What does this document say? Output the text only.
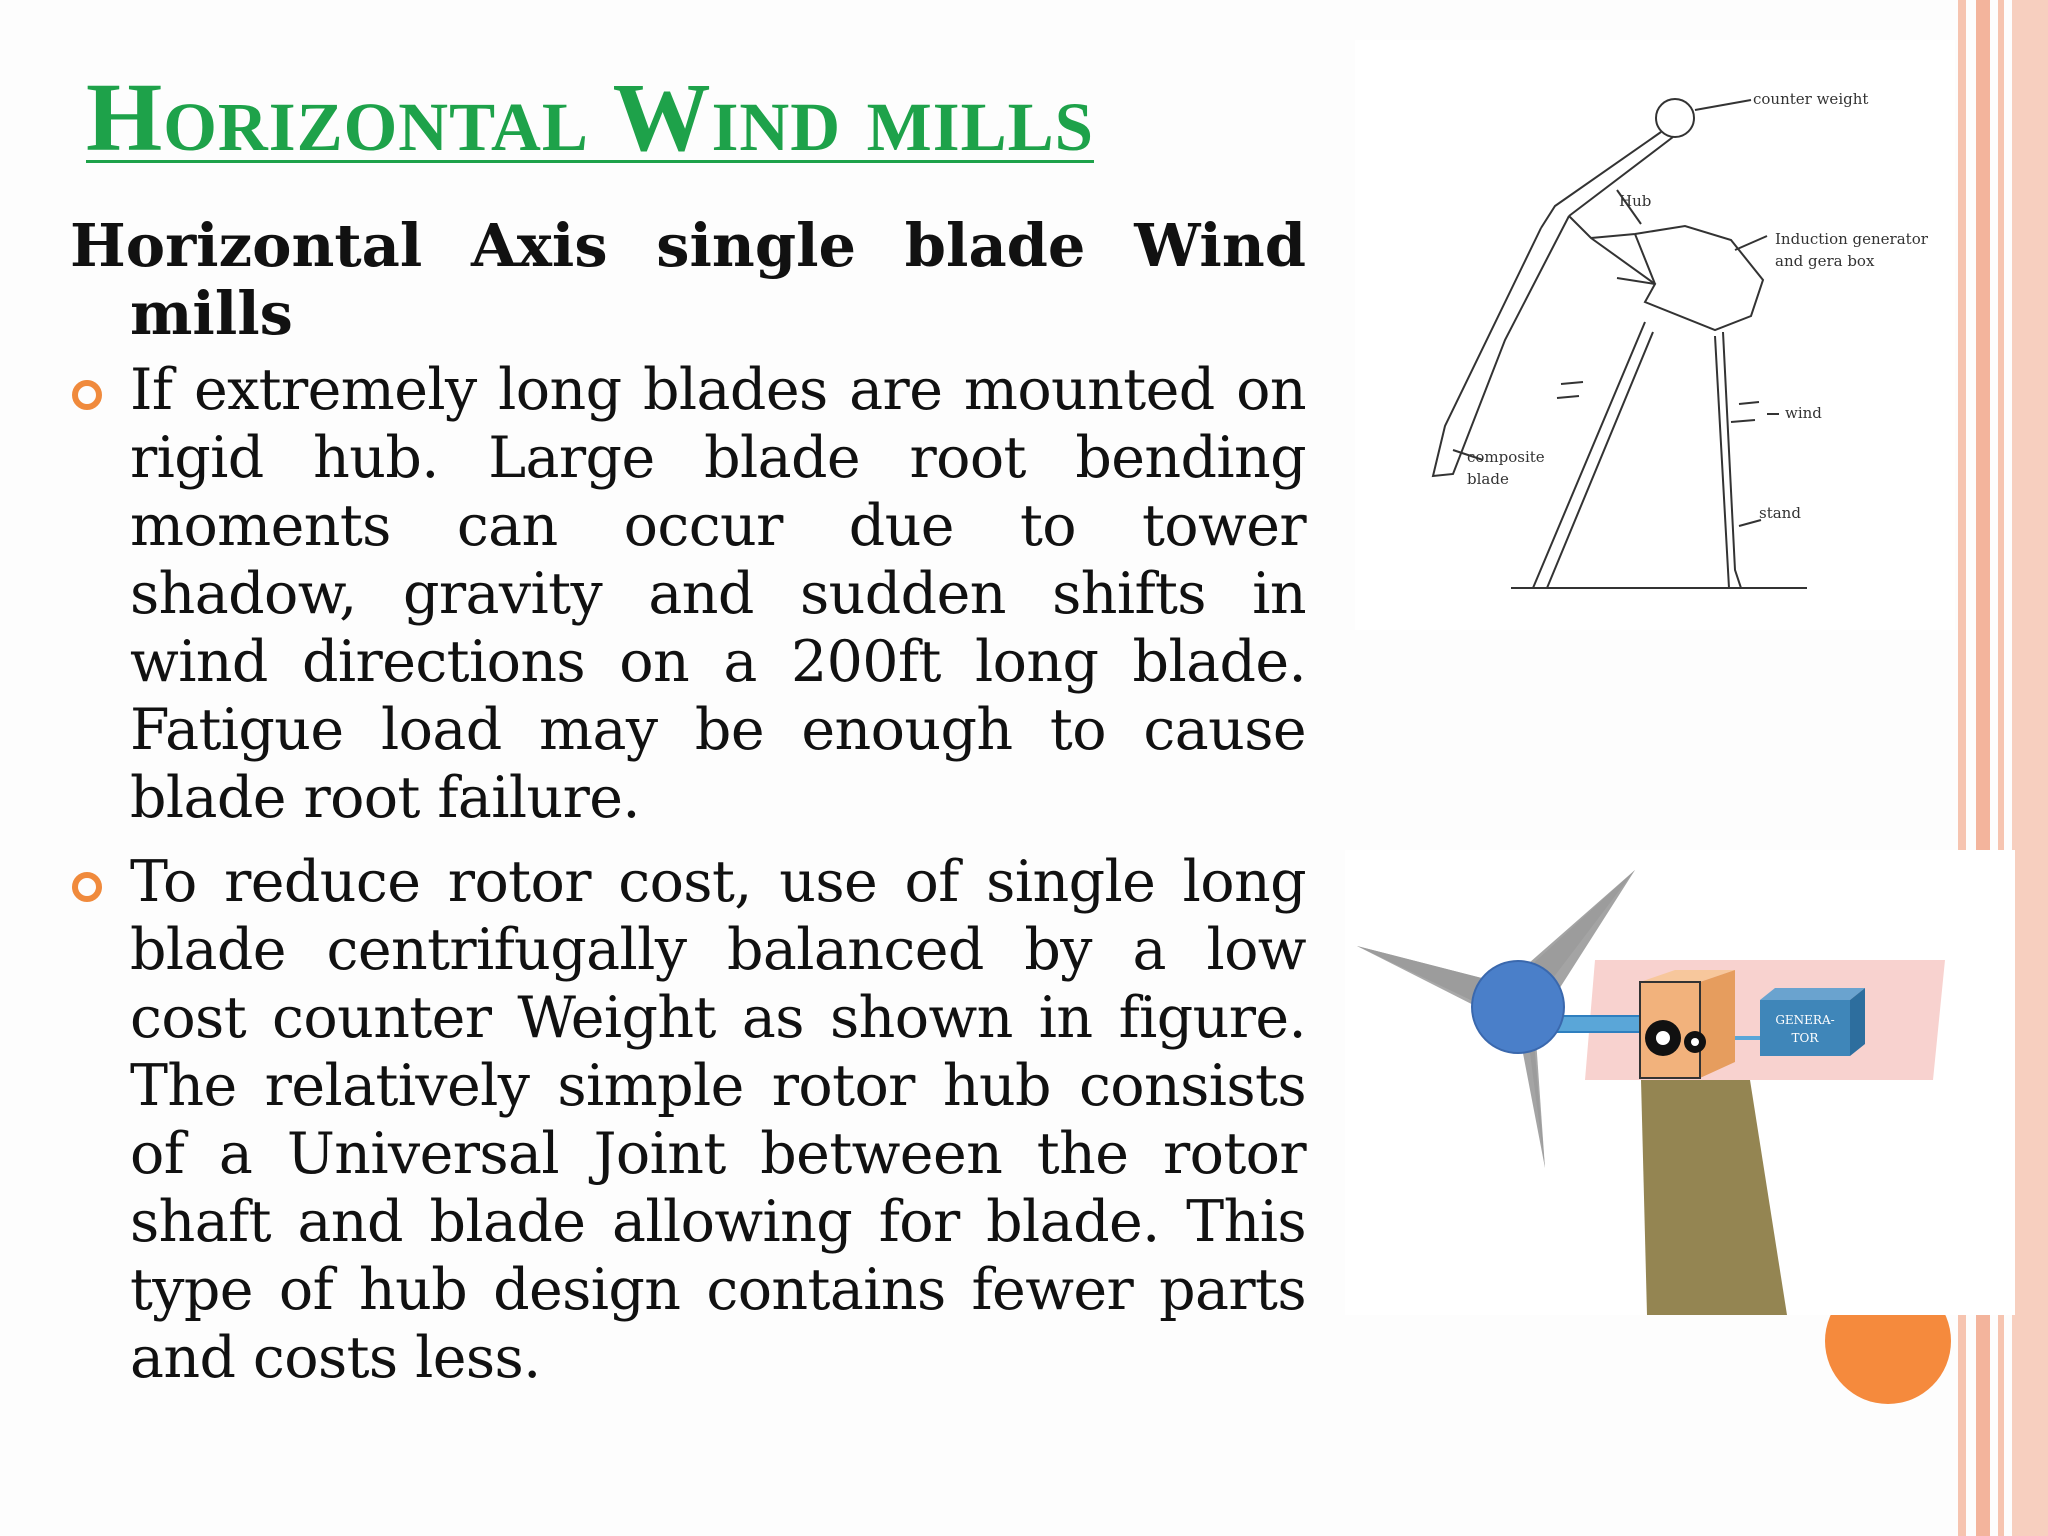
Horizontal Wind mills

Horizontal Axis single blade Wind mills

If extremely long blades are mounted on rigid hub. Large blade root bending moments can occur due to tower shadow, gravity and sudden shifts in wind directions on a 200ft long blade. Fatigue load may be enough to cause blade root failure.
To reduce rotor cost, use of single long blade centrifugally balanced by a low cost counter Weight as shown in figure. The relatively simple rotor hub consists of a Universal Joint between the rotor shaft and blade allowing for blade. This type of hub design contains fewer parts and costs less.
counter weight
Hub
Induction generator
and gera box
wind
composite
blade
stand
GENERA-
TOR
